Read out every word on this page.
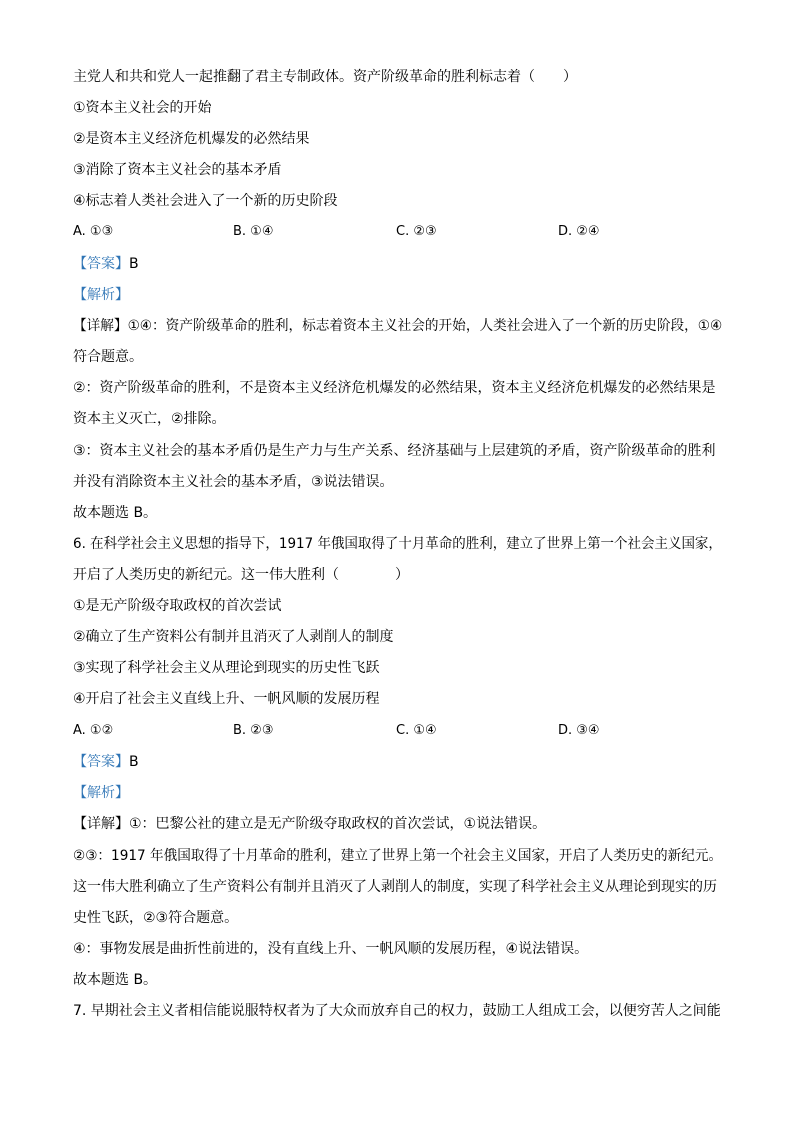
主党人和共和党人一起推翻了君主专制政体。资产阶级革命的胜利标志着（　　）
①资本主义社会的开始
②是资本主义经济危机爆发的必然结果
③消除了资本主义社会的基本矛盾
④标志着人类社会进入了一个新的历史阶段
A. ①③	B. ①④	C. ②③	D. ②④
【答案】B
【解析】
【详解】①④：资产阶级革命的胜利，标志着资本主义社会的开始，人类社会进入了一个新的历史阶段，①④
符合题意。
②：资产阶级革命的胜利，不是资本主义经济危机爆发的必然结果，资本主义经济危机爆发的必然结果是
资本主义灭亡，②排除。
③：资本主义社会的基本矛盾仍是生产力与生产关系、经济基础与上层建筑的矛盾，资产阶级革命的胜利
并没有消除资本主义社会的基本矛盾，③说法错误。
故本题选 B。
6. 在科学社会主义思想的指导下，1917 年俄国取得了十月革命的胜利，建立了世界上第一个社会主义国家，
开启了人类历史的新纪元。这一伟大胜利（　　　　）
①是无产阶级夺取政权的首次尝试
②确立了生产资料公有制并且消灭了人剥削人的制度
③实现了科学社会主义从理论到现实的历史性飞跃
④开启了社会主义直线上升、一帆风顺的发展历程
A. ①②	B. ②③	C. ①④	D. ③④
【答案】B
【解析】
【详解】①：巴黎公社的建立是无产阶级夺取政权的首次尝试，①说法错误。
②③：1917 年俄国取得了十月革命的胜利，建立了世界上第一个社会主义国家，开启了人类历史的新纪元。
这一伟大胜利确立了生产资料公有制并且消灭了人剥削人的制度，实现了科学社会主义从理论到现实的历
史性飞跃，②③符合题意。
④：事物发展是曲折性前进的，没有直线上升、一帆风顺的发展历程，④说法错误。
故本题选 B。
7. 早期社会主义者相信能说服特权者为了大众而放弃自己的权力，鼓励工人组成工会，以便穷苦人之间能
